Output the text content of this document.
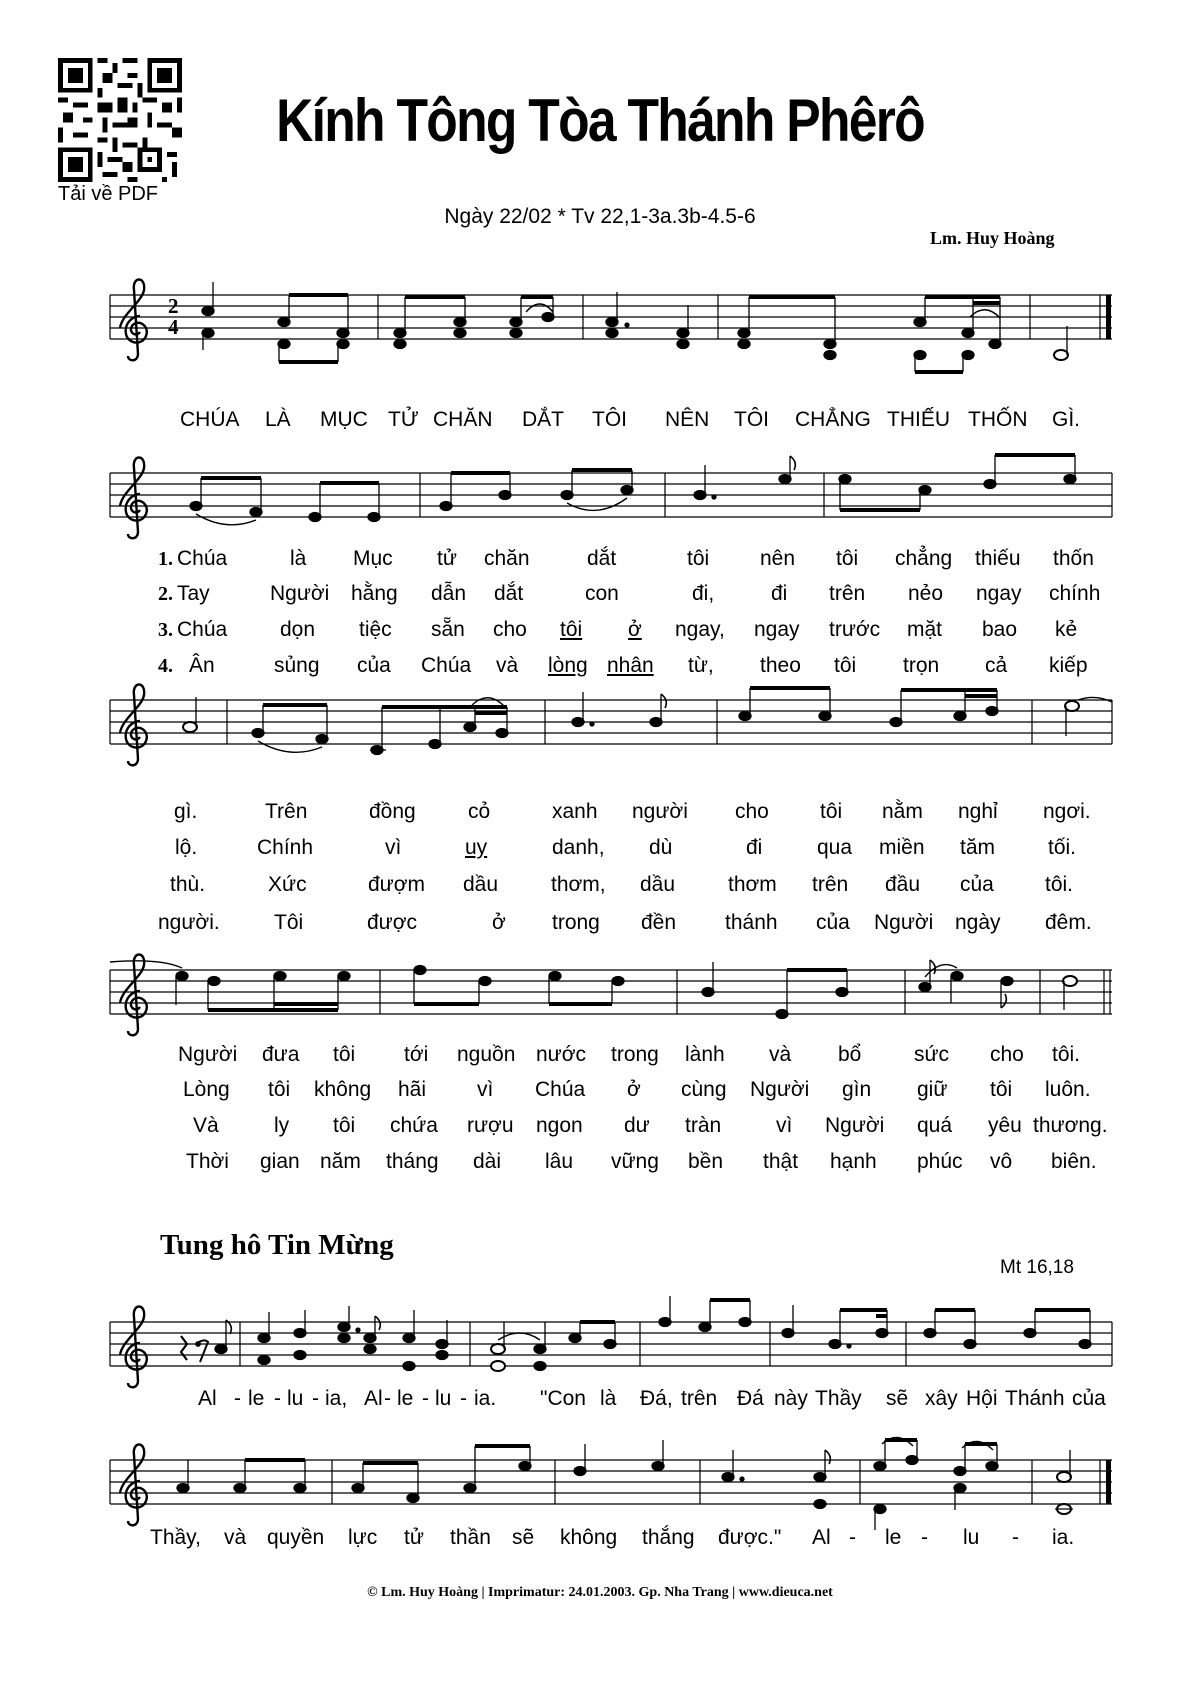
Tải về PDF
Kính Tông Tòa Thánh Phêrô
Ngày 22/02 * Tv 22,1-3a.3b-4.5-6
Lm. Huy Hoàng
2
4
CHÚA LÀ MỤC TỬ CHĂN DẮT TÔI NÊN TÔI CHẲNG THIẾU THỐN GÌ.
1. Chúa	là Mục tử chăn	dắt	tôi nên tôi chẳng thiếu thốn
2. Tay	Người hằng dẫn dắt	con	đi,	đi trên nẻo ngay chính
3. Chúa	dọn tiệc sẵn cho tôi ở ngay, ngay trước mặt bao kẻ
4. Ân	sủng của Chúa và lòng nhân từ, theo tôi trọn cả kiếp
gì.	Trên	đồng cỏ	xanh người cho tôi nằm nghỉ ngơi.
lộ.	Chính	vì	uy	danh, dù	đi	qua miền tăm	tối.
thù.	Xức	đượm dầu	thơm, dầu	thơm trên đầu của tôi.
người.	Tôi	được	ở trong đền thánh của Người ngày đêm.
Người đưa tôi tới nguồn nước trong lành và bổ	sức cho tôi.
Lòng tôi không hãi vì Chúa ở cùng Người gìn giữ tôi luôn.
Và	ly tôi chứa rượu ngon dư tràn	vì Người quá yêu thương.
Thời gian năm tháng dài lâu vững bền thật hạnh phúc vô biên.
Tung hô Tin Mừng
Mt 16,18
Al - le - lu - ia, Al - le - lu - ia. "Con là Đá, trên Đá này Thầy sẽ xây Hội Thánh của
Thầy, và quyền lực tử thần sẽ không thắng được." Al - le - lu - ia.
© Lm. Huy Hoàng | Imprimatur: 24.01.2003. Gp. Nha Trang | www.dieuca.net
